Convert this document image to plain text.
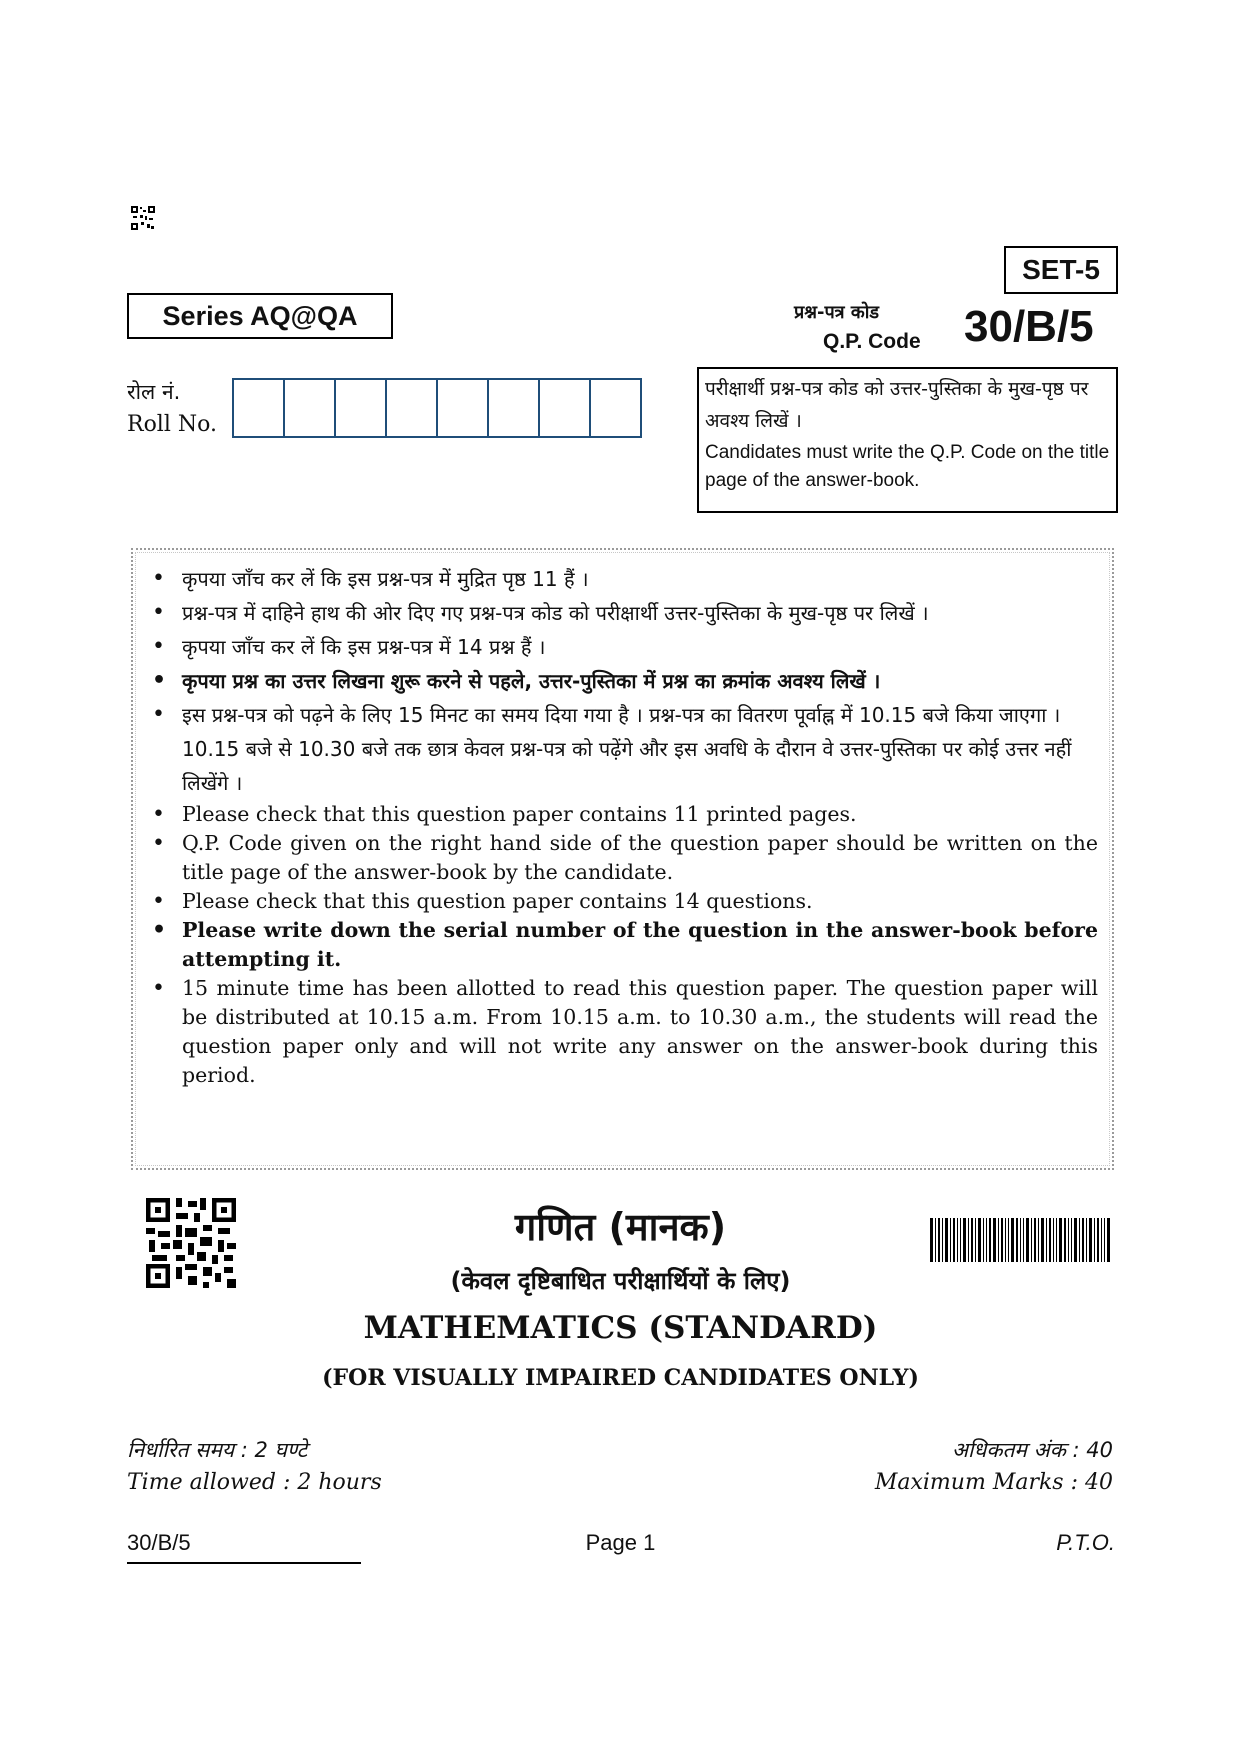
SET-5
Series AQ@QA	प्रश्न-पत्र कोड
Q.P. Code 30/B/5
रोल नं.
Roll No.
परीक्षार्थी प्रश्न-पत्र कोड को उत्तर-पुस्तिका के मुख-पृष्ठ पर अवश्य लिखें ।
Candidates must write the Q.P. Code on the title page of the answer-book.
• कृपया जाँच कर लें कि इस प्रश्न-पत्र में मुद्रित पृष्ठ 11 हैं ।
• प्रश्न-पत्र में दाहिने हाथ की ओर दिए गए प्रश्न-पत्र कोड को परीक्षार्थी उत्तर-पुस्तिका के मुख-पृष्ठ पर लिखें ।
• कृपया जाँच कर लें कि इस प्रश्न-पत्र में 14 प्रश्न हैं ।
• कृपया प्रश्न का उत्तर लिखना शुरू करने से पहले, उत्तर-पुस्तिका में प्रश्न का क्रमांक अवश्य लिखें ।
• इस प्रश्न-पत्र को पढ़ने के लिए 15 मिनट का समय दिया गया है । प्रश्न-पत्र का वितरण पूर्वाह्न में 10.15 बजे किया जाएगा । 10.15 बजे से 10.30 बजे तक छात्र केवल प्रश्न-पत्र को पढ़ेंगे और इस अवधि के दौरान वे उत्तर-पुस्तिका पर कोई उत्तर नहीं लिखेंगे ।
• Please check that this question paper contains 11 printed pages.
• Q.P. Code given on the right hand side of the question paper should be written on the title page of the answer-book by the candidate.
• Please check that this question paper contains 14 questions.
• Please write down the serial number of the question in the answer-book before attempting it.
• 15 minute time has been allotted to read this question paper. The question paper will be distributed at 10.15 a.m. From 10.15 a.m. to 10.30 a.m., the students will read the question paper only and will not write any answer on the answer-book during this period.
गणित (मानक)
(केवल दृष्टिबाधित परीक्षार्थियों के लिए)
MATHEMATICS (STANDARD)
(FOR VISUALLY IMPAIRED CANDIDATES ONLY)
निर्धारित समय : 2 घण्टे
Time allowed : 2 hours
अधिकतम अंक : 40
Maximum Marks : 40
30/B/5	Page 1	P.T.O.
